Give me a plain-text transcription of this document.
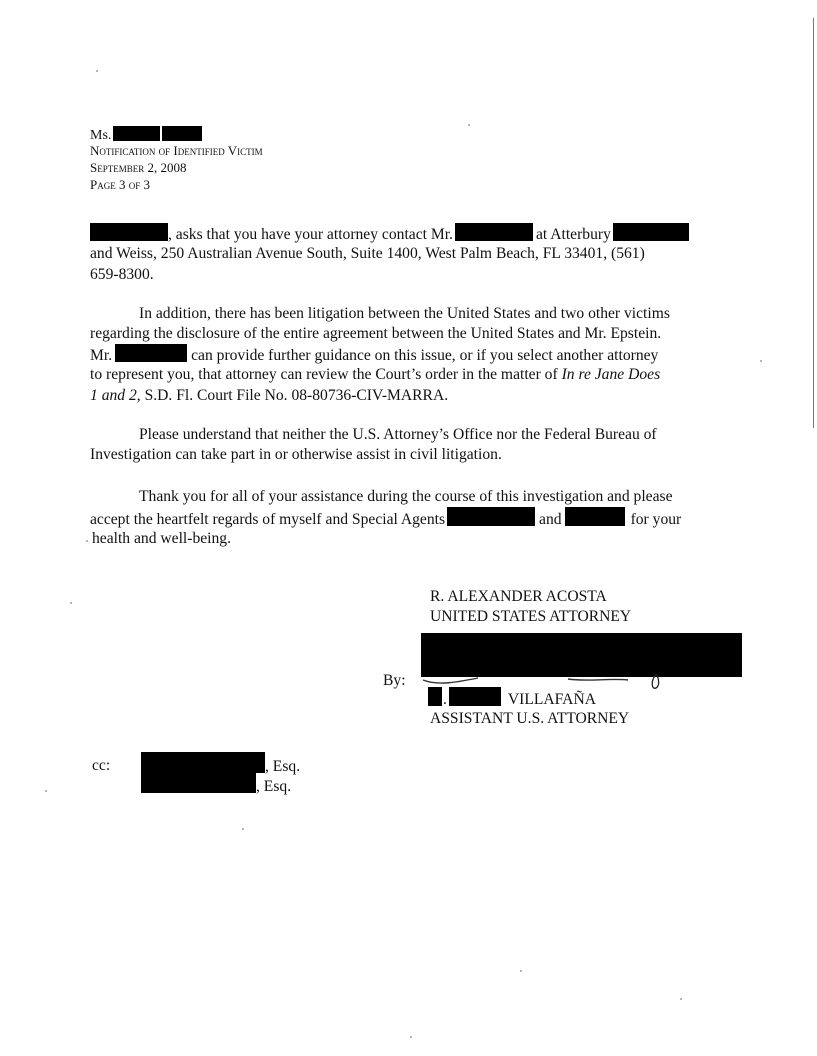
Ms.
Notification of Identified Victim
September 2, 2008
Page 3 of 3
, asks that you have your attorney contact Mr.	at Atterbury
and Weiss, 250 Australian Avenue South, Suite 1400, West Palm Beach, FL 33401, (561)
659-8300.
In addition, there has been litigation between the United States and two other victims
regarding the disclosure of the entire agreement between the United States and Mr. Epstein.
Mr.	can provide further guidance on this issue, or if you select another attorney
to represent you, that attorney can review the Court’s order in the matter of In re Jane Does
1 and 2, S.D. Fl. Court File No. 08-80736-CIV-MARRA.
Please understand that neither the U.S. Attorney’s Office nor the Federal Bureau of
Investigation can take part in or otherwise assist in civil litigation.
Thank you for all of your assistance during the course of this investigation and please
accept the heartfelt regards of myself and Special Agents	and	for your
health and well-being.
R. ALEXANDER ACOSTA
UNITED STATES ATTORNEY
By:
.	VILLAFAÑA
ASSISTANT U.S. ATTORNEY
cc:	, Esq.
, Esq.
